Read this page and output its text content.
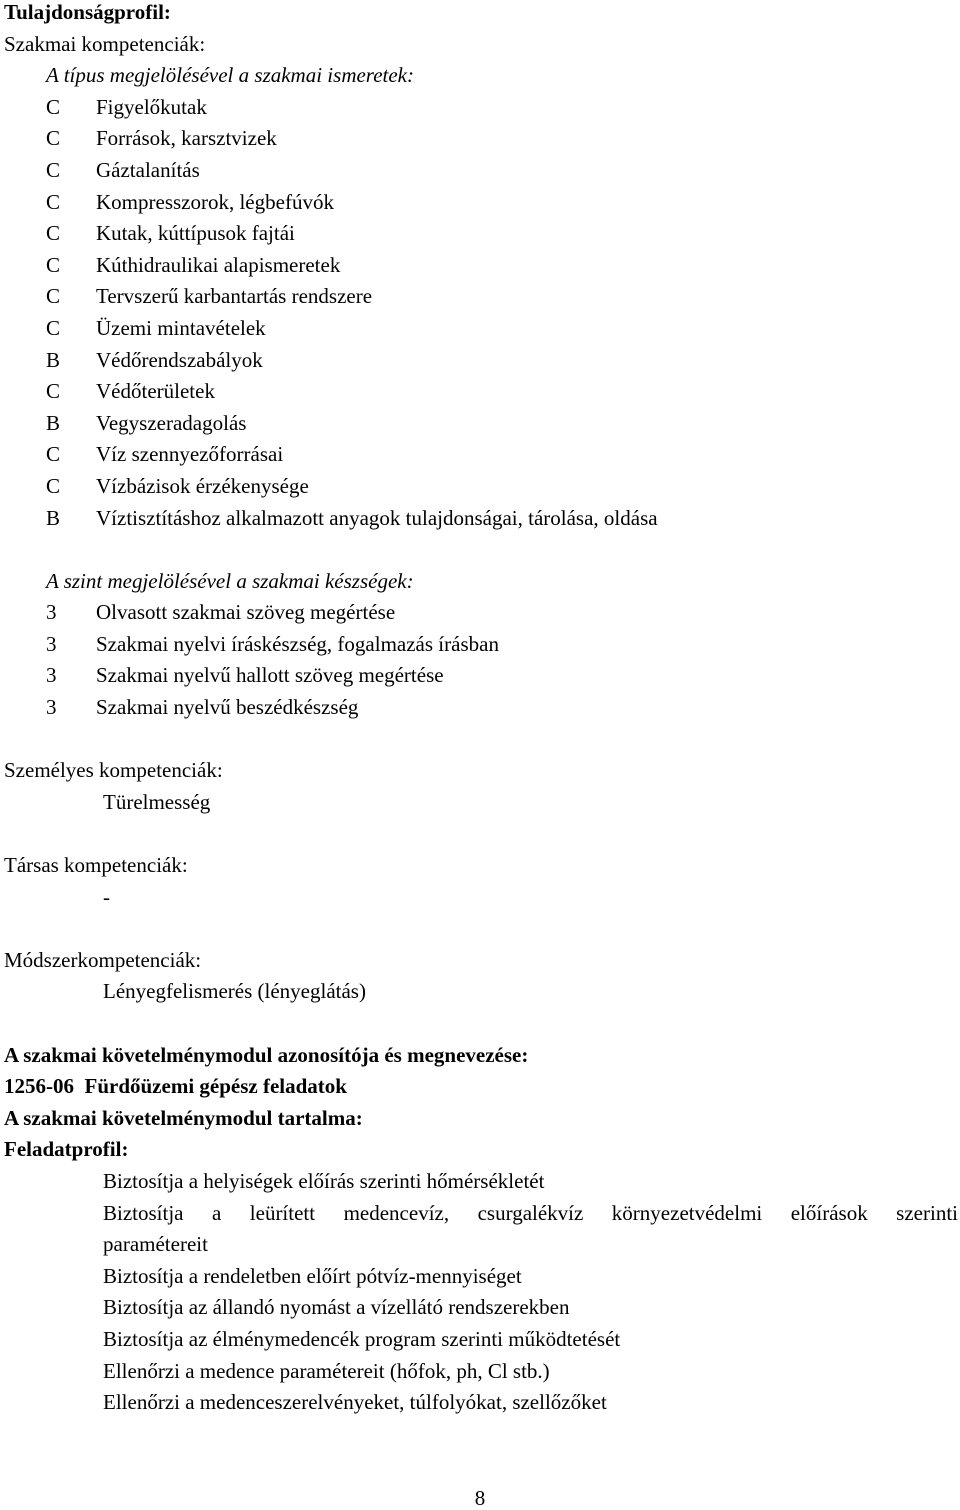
Tulajdonságprofil:
Szakmai kompetenciák:
A típus megjelölésével a szakmai ismeretek:
C	Figyelőkutak
C	Források, karsztvizek
C	Gáztalanítás
C	Kompresszorok, légbefúvók
C	Kutak, kúttípusok fajtái
C	Kúthidraulikai alapismeretek
C	Tervszerű karbantartás rendszere
C	Üzemi mintavételek
B	Védőrendszabályok
C	Védőterületek
B	Vegyszeradagolás
C	Víz szennyezőforrásai
C	Vízbázisok érzékenysége
B	Víztisztításhoz alkalmazott anyagok tulajdonságai, tárolása, oldása
A szint megjelölésével a szakmai készségek:
3	Olvasott szakmai szöveg megértése
3	Szakmai nyelvi íráskészség, fogalmazás írásban
3	Szakmai nyelvű hallott szöveg megértése
3	Szakmai nyelvű beszédkészség
Személyes kompetenciák:
Türelmesség
Társas kompetenciák:
-
Módszerkompetenciák:
Lényegfelismerés (lényeglátás)
A szakmai követelménymodul azonosítója és megnevezése:
1256-06 Fürdőüzemi gépész feladatok
A szakmai követelménymodul tartalma:
Feladatprofil:
Biztosítja a helyiségek előírás szerinti hőmérsékletét
Biztosítja a leürített medencevíz, csurgalékvíz környezetvédelmi előírások szerinti
paramétereit
Biztosítja a rendeletben előírt pótvíz-mennyiséget
Biztosítja az állandó nyomást a vízellátó rendszerekben
Biztosítja az élménymedencék program szerinti működtetését
Ellenőrzi a medence paramétereit (hőfok, ph, Cl stb.)
Ellenőrzi a medenceszerelvényeket, túlfolyókat, szellőzőket
8
